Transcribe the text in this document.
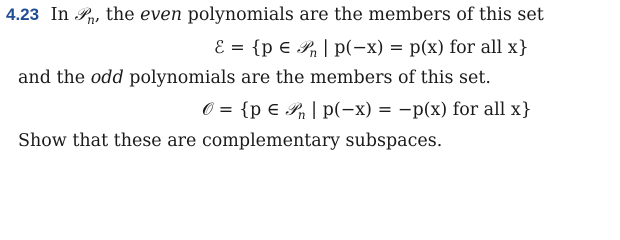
4.23 In 𝒫$_n$, the even polynomials are the members of this set
ℰ = {p ∈ 𝒫$_n$ | p(−x) = p(x) for all x}
and the odd polynomials are the members of this set.
𝒪 = {p ∈ 𝒫$_n$ | p(−x) = −p(x) for all x}
Show that these are complementary subspaces.
